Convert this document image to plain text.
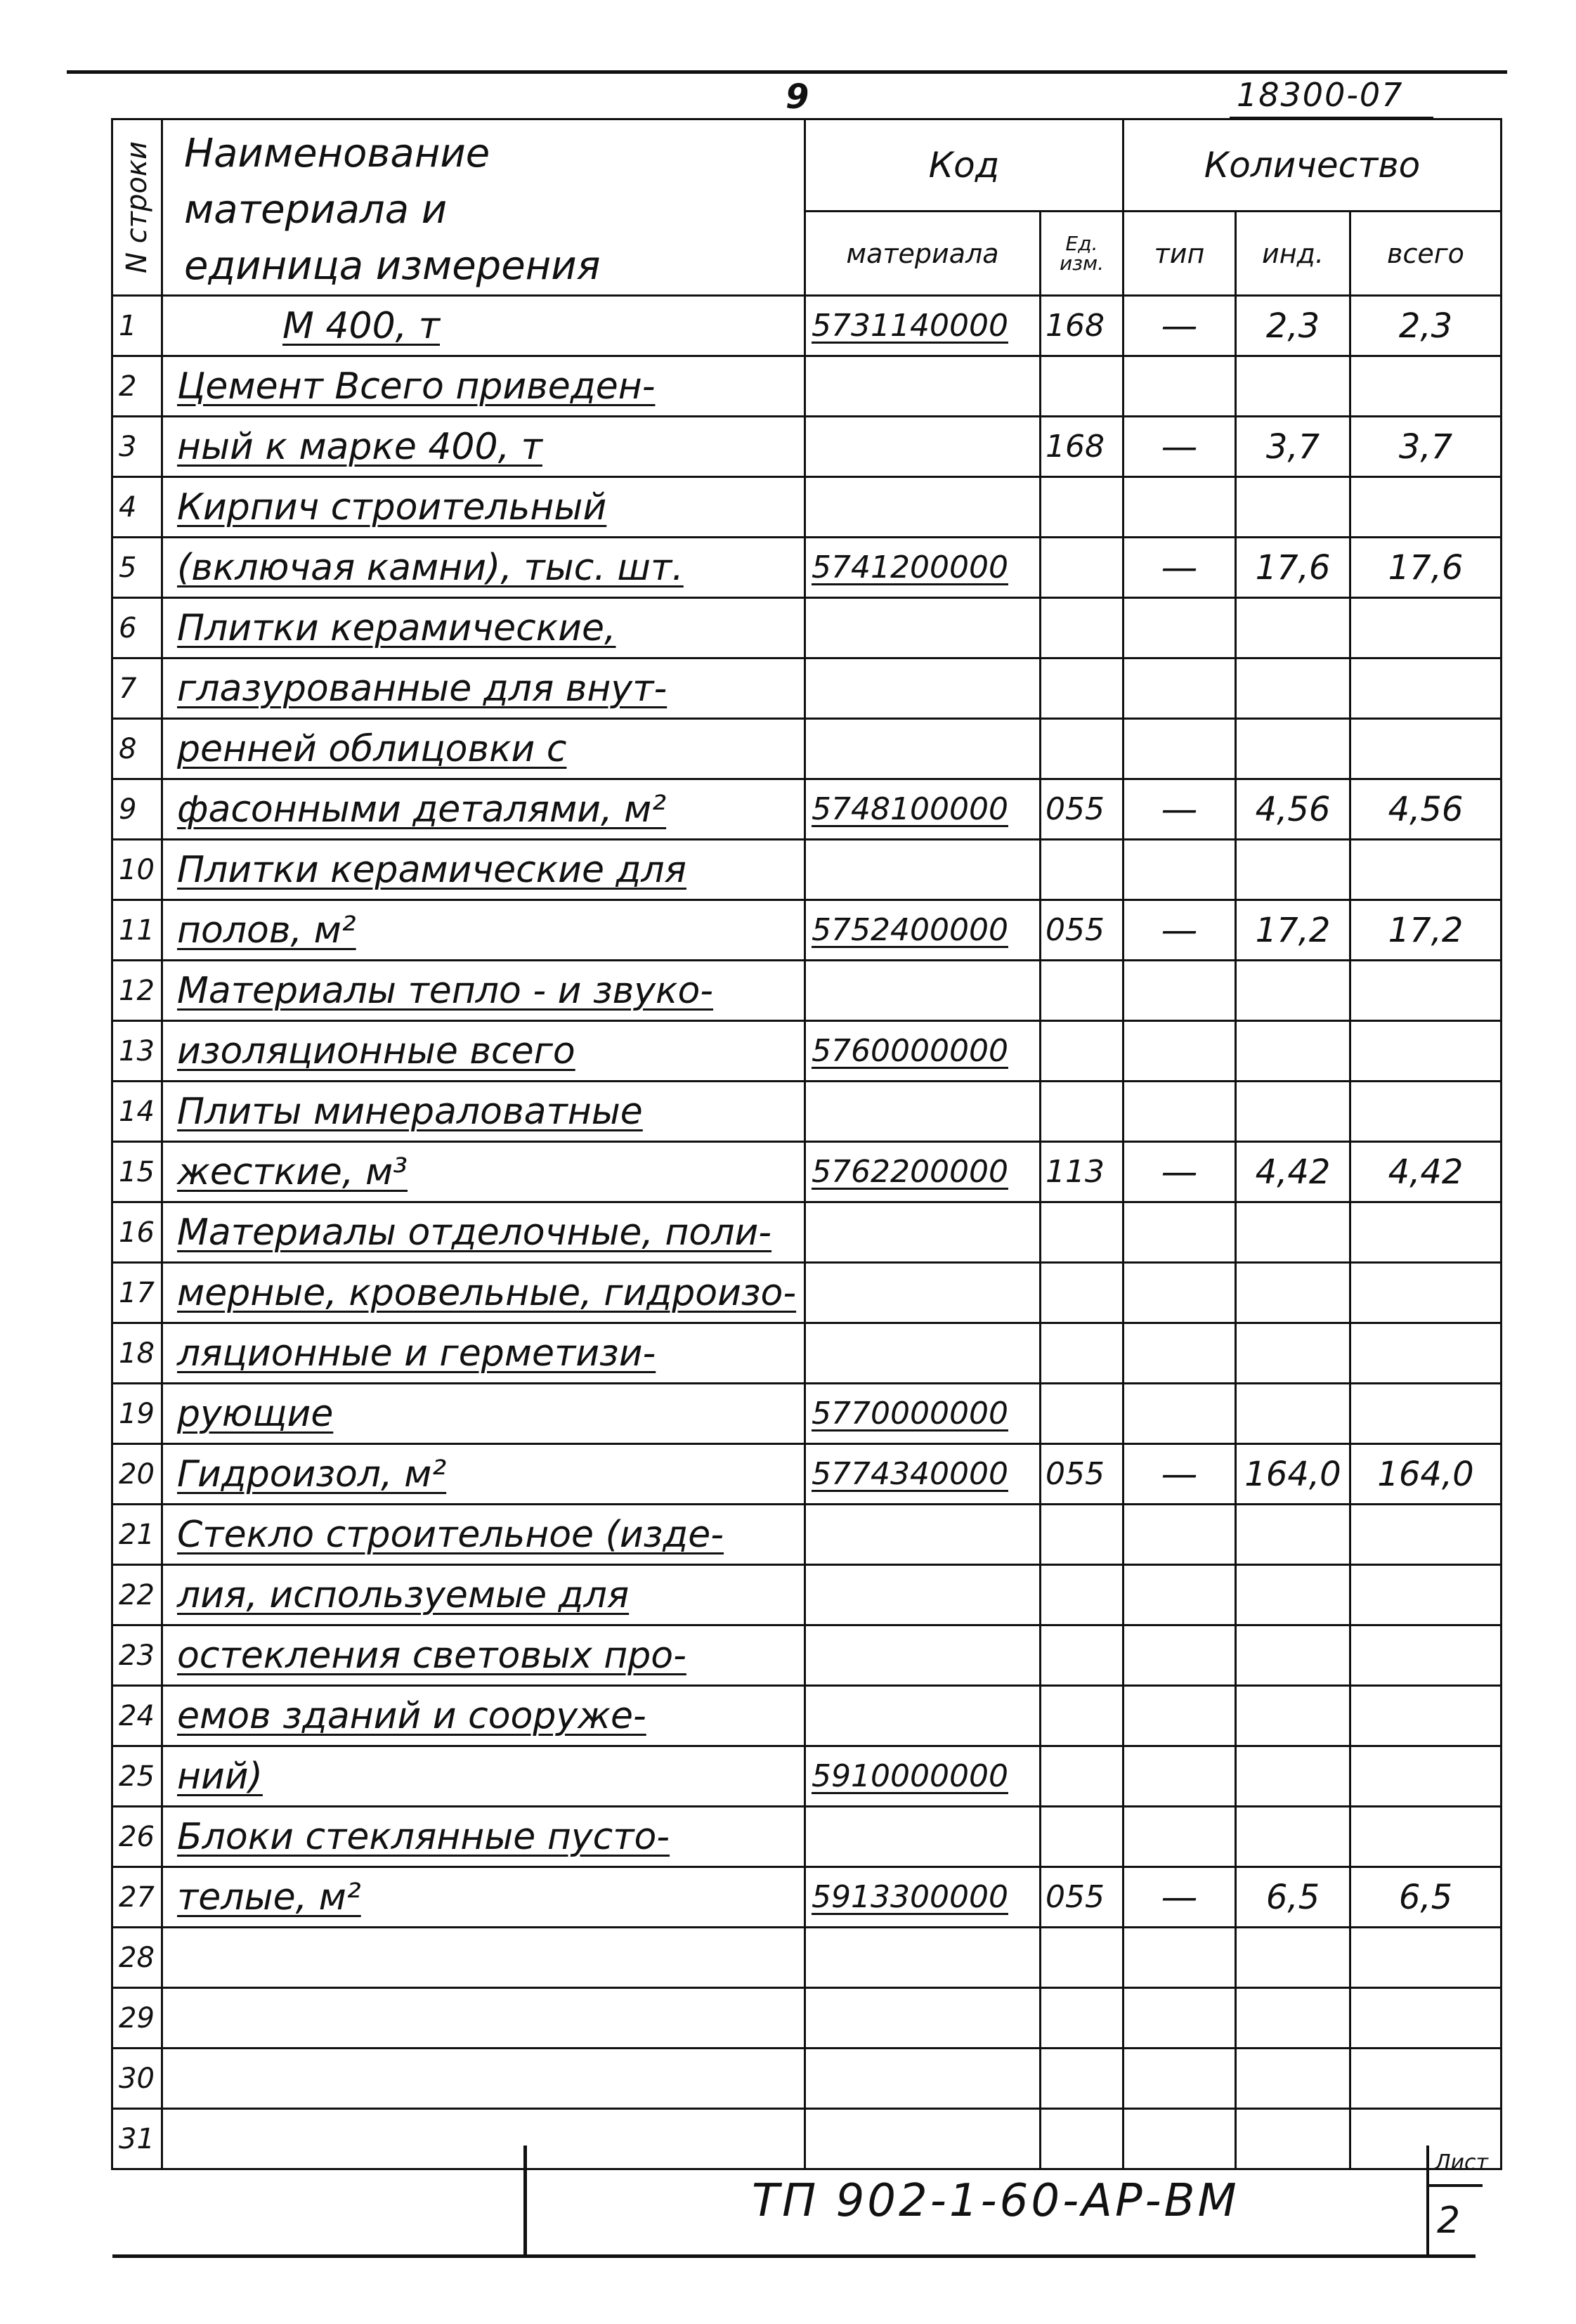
9	18300-07
N строки	Наименование материала и единица измерения	Код		Количество		
		материала	Ед. изм.	тип	инд.	всего
1	М 400, т	5731140000	168	—	2,3	2,3
2	Цемент Всего приведен-					
3	ный к марке 400, т		168	—	3,7	3,7
4	Кирпич строительный					
5	(включая камни), тыс. шт.	5741200000		—	17,6	17,6
6	Плитки керамические,					
7	глазурованные для внут-					
8	ренней облицовки с					
9	фасонными деталями, м²	5748100000	055	—	4,56	4,56
10	Плитки керамические для					
11	полов, м²	5752400000	055	—	17,2	17,2
12	Материалы тепло - и звуко-					
13	изоляционные всего	5760000000				
14	Плиты минераловатные					
15	жесткие, м³	5762200000	113	—	4,42	4,42
16	Материалы отделочные, поли-					
17	мерные, кровельные, гидроизо-					
18	ляционные и герметизи-					
19	рующие	5770000000				
20	Гидроизол, м²	5774340000	055	—	164,0	164,0
21	Стекло строительное (изде-					
22	лия, используемые для					
23	остекления световых про-					
24	емов зданий и сооруже-					
25	ний)	5910000000				
26	Блоки стеклянные пусто-					
27	телые, м²	5913300000	055	—	6,5	6,5
28						
29						
30						
31						
ТП 902-1-60-АР-ВМ
Лист
2
